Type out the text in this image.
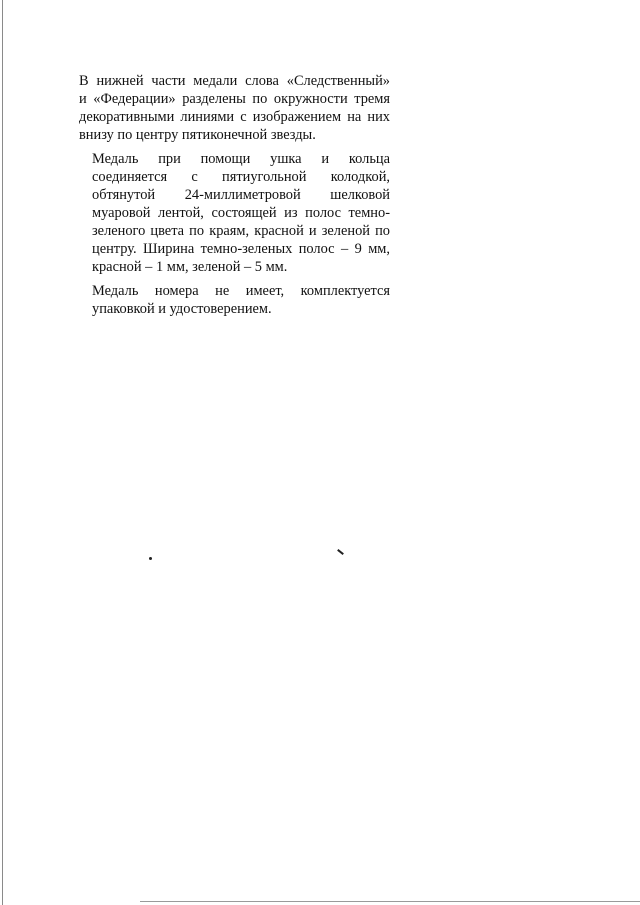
В нижней части медали слова «Следственный»
и «Федерации» разделены по окружности тремя
декоративными линиями с изображением на них
внизу по центру пятиконечной звезды.

Медаль при помощи ушка и кольца
соединяется с пятиугольной колодкой,
обтянутой 24-миллиметровой шелковой
муаровой лентой, состоящей из полос темно-
зеленого цвета по краям, красной и зеленой по
центру. Ширина темно-зеленых полос – 9 мм,
красной – 1 мм, зеленой – 5 мм.

Медаль номера не имеет, комплектуется
упаковкой и удостоверением.
